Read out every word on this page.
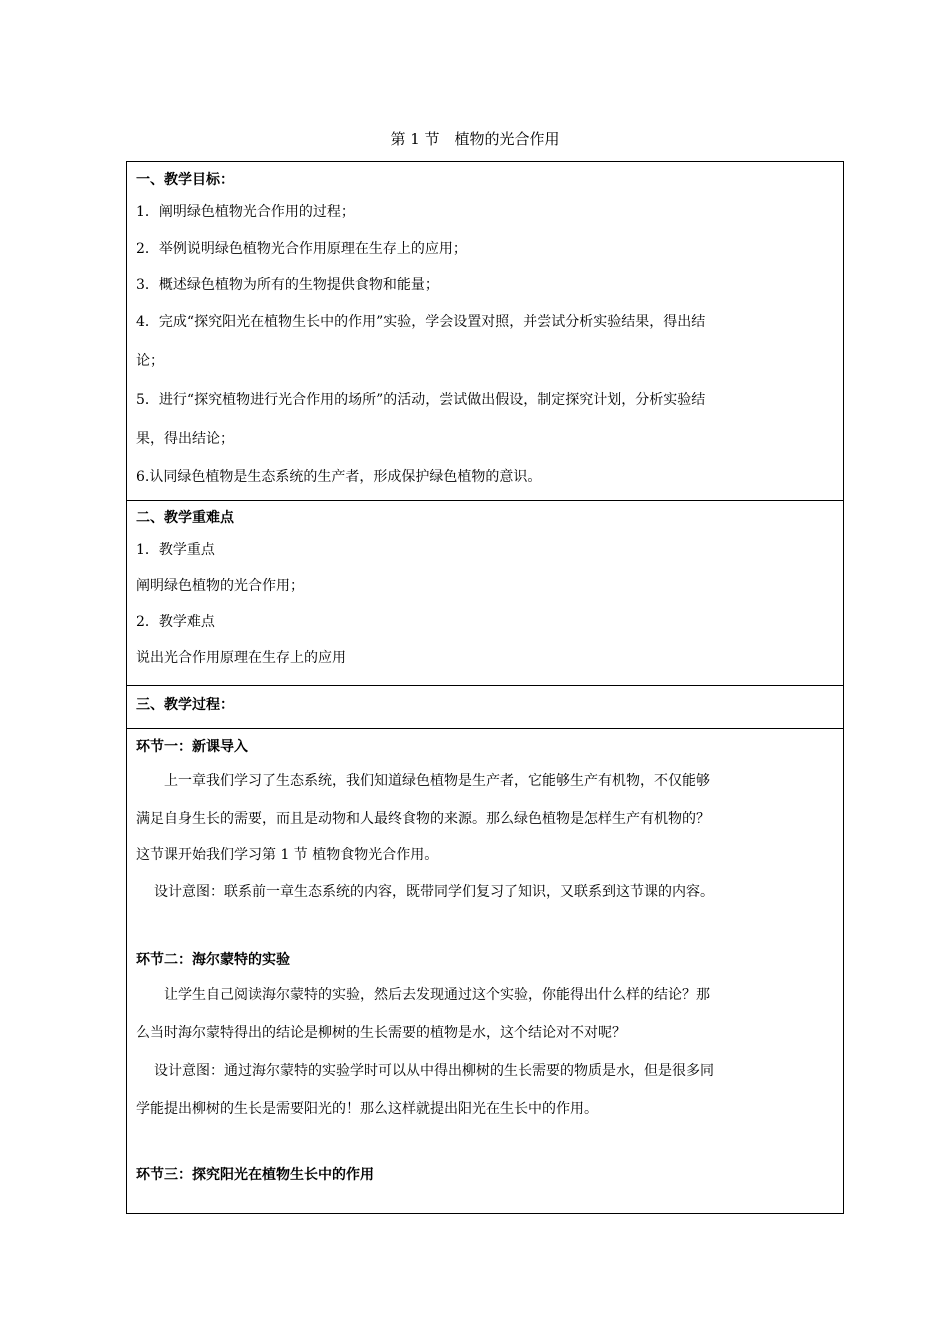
第 1 节　植物的光合作用
一、教学目标：
1．阐明绿色植物光合作用的过程；
2．举例说明绿色植物光合作用原理在生存上的应用；
3．概述绿色植物为所有的生物提供食物和能量；
4．完成“探究阳光在植物生长中的作用”实验，学会设置对照，并尝试分析实验结果，得出结
论；
5．进行“探究植物进行光合作用的场所”的活动，尝试做出假设，制定探究计划，分析实验结
果，得出结论；
6.认同绿色植物是生态系统的生产者，形成保护绿色植物的意识。

二、教学重难点
1．教学重点
阐明绿色植物的光合作用；
2．教学难点
说出光合作用原理在生存上的应用

三、教学过程：

环节一：新课导入
上一章我们学习了生态系统，我们知道绿色植物是生产者，它能够生产有机物，不仅能够
满足自身生长的需要，而且是动物和人最终食物的来源。那么绿色植物是怎样生产有机物的？
这节课开始我们学习第 1 节 植物食物光合作用。
设计意图：联系前一章生态系统的内容，既带同学们复习了知识，又联系到这节课的内容。
环节二：海尔蒙特的实验
让学生自己阅读海尔蒙特的实验，然后去发现通过这个实验，你能得出什么样的结论？那
么当时海尔蒙特得出的结论是柳树的生长需要的植物是水，这个结论对不对呢？
设计意图：通过海尔蒙特的实验学时可以从中得出柳树的生长需要的物质是水，但是很多同
学能提出柳树的生长是需要阳光的！那么这样就提出阳光在生长中的作用。
环节三：探究阳光在植物生长中的作用
